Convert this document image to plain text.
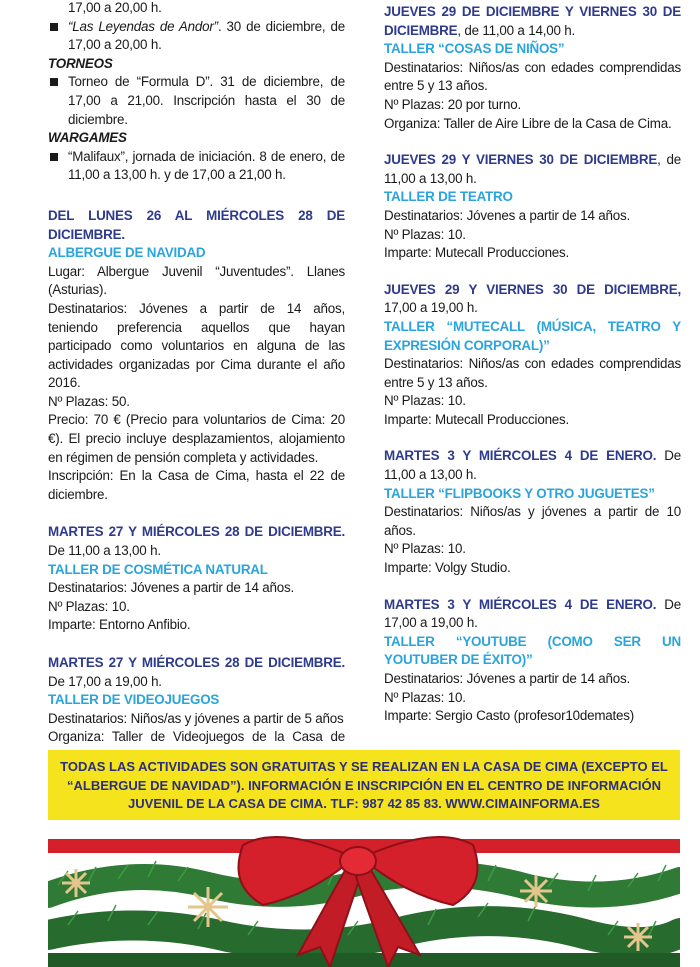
17,00 a 20,00 h.

“Las Leyendas de Andor”. 30 de diciembre, de 17,00 a 20,00 h.

TORNEOS

Torneo de “Formula D”. 31 de diciembre, de 17,00 a 21,00. Inscripción hasta el 30 de diciembre.

WARGAMES

“Malifaux”, jornada de iniciación. 8 de enero, de 11,00 a 13,00 h. y de 17,00 a 21,00 h.

DEL LUNES 26 AL MIÉRCOLES 28 DE DICIEMBRE.

ALBERGUE DE NAVIDAD

Lugar: Albergue Juvenil “Juventudes”. Llanes (Asturias).

Destinatarios: Jóvenes a partir de 14 años, teniendo preferencia aquellos que hayan participado como voluntarios en alguna de las actividades organizadas por Cima durante el año 2016.

Nº Plazas: 50.

Precio: 70 € (Precio para voluntarios de Cima: 20 €). El precio incluye desplazamientos, alojamiento en régimen de pensión completa y actividades.

Inscripción: En la Casa de Cima, hasta el 22 de diciembre.

MARTES 27 Y MIÉRCOLES 28 DE DICIEMBRE. De 11,00 a 13,00 h.

TALLER DE COSMÉTICA NATURAL

Destinatarios: Jóvenes a partir de 14 años.

Nº Plazas: 10.

Imparte: Entorno Anfibio.

MARTES 27 Y MIÉRCOLES 28 DE DICIEMBRE. De 17,00 a 19,00 h.

TALLER DE VIDEOJUEGOS

Destinatarios: Niños/as y jóvenes a partir de 5 años

Organiza: Taller de Videojuegos de la Casa de

JUEVES 29 DE DICIEMBRE Y VIERNES 30 DE DICIEMBRE, de 11,00 a 14,00 h.

TALLER “COSAS DE NIÑOS”

Destinatarios: Niños/as con edades comprendidas entre 5 y 13 años.

Nº Plazas: 20 por turno.

Organiza: Taller de Aire Libre de la Casa de Cima.

JUEVES 29 Y VIERNES 30 DE DICIEMBRE, de 11,00 a 13,00 h.

TALLER DE TEATRO

Destinatarios: Jóvenes a partir de 14 años.

Nº Plazas: 10.

Imparte: Mutecall Producciones.

JUEVES 29 Y VIERNES 30 DE DICIEMBRE, 17,00 a 19,00 h.

TALLER “MUTECALL (MÚSICA, TEATRO Y EXPRESIÓN CORPORAL)”

Destinatarios: Niños/as con edades comprendidas entre 5 y 13 años.

Nº Plazas: 10.

Imparte: Mutecall Producciones.

MARTES 3 Y MIÉRCOLES 4 DE ENERO. De 11,00 a 13,00 h.

TALLER “FLIPBOOKS Y OTRO JUGUETES”

Destinatarios: Niños/as y jóvenes a partir de 10 años.

Nº Plazas: 10.

Imparte: Volgy Studio.

MARTES 3 Y MIÉRCOLES 4 DE ENERO. De 17,00 a 19,00 h.

TALLER “YOUTUBE (COMO SER UN YOUTUBER DE ÉXITO)”

Destinatarios: Jóvenes a partir de 14 años.

Nº Plazas: 10.

Imparte: Sergio Casto (profesor10demates)

TODAS LAS ACTIVIDADES SON GRATUITAS Y SE REALIZAN EN LA CASA DE CIMA (EXCEPTO EL

“ALBERGUE DE NAVIDAD”). INFORMACIÓN E INSCRIPCIÓN EN EL CENTRO DE INFORMACIÓN

JUVENIL DE LA CASA DE CIMA. TLF: 987 42 85 83. WWW.CIMAINFORMA.ES
